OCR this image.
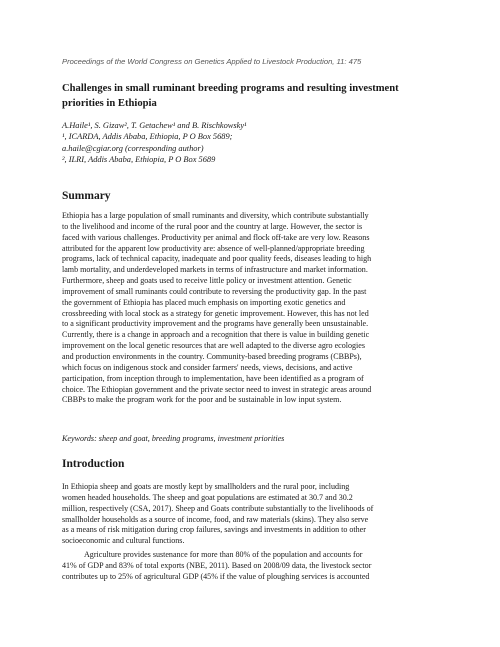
Proceedings of the World Congress on Genetics Applied to Livestock Production, 11: 475
Challenges in small ruminant breeding programs and resulting investment
priorities in Ethiopia
A.Haile¹, S. Gizaw², T. Getachew¹ and B. Rischkowsky¹
¹, ICARDA, Addis Ababa, Ethiopia, P O Box 5689;
a.haile@cgiar.org (corresponding author)
², ILRI, Addis Ababa, Ethiopia, P O Box 5689
Summary
Ethiopia has a large population of small ruminants and diversity, which contribute substantially
to the livelihood and income of the rural poor and the country at large. However, the sector is
faced with various challenges. Productivity per animal and flock off-take are very low. Reasons
attributed for the apparent low productivity are: absence of well-planned/appropriate breeding
programs, lack of technical capacity, inadequate and poor quality feeds, diseases leading to high
lamb mortality, and underdeveloped markets in terms of infrastructure and market information.
Furthermore, sheep and goats used to receive little policy or investment attention. Genetic
improvement of small ruminants could contribute to reversing the productivity gap. In the past
the government of Ethiopia has placed much emphasis on importing exotic genetics and
crossbreeding with local stock as a strategy for genetic improvement. However, this has not led
to a significant productivity improvement and the programs have generally been unsustainable.
Currently, there is a change in approach and a recognition that there is value in building genetic
improvement on the local genetic resources that are well adapted to the diverse agro ecologies
and production environments in the country. Community-based breeding programs (CBBPs),
which focus on indigenous stock and consider farmers' needs, views, decisions, and active
participation, from inception through to implementation, have been identified as a program of
choice. The Ethiopian government and the private sector need to invest in strategic areas around
CBBPs to make the program work for the poor and be sustainable in low input system.
Keywords: sheep and goat, breeding programs, investment priorities
Introduction
In Ethiopia sheep and goats are mostly kept by smallholders and the rural poor, including
women headed households. The sheep and goat populations are estimated at 30.7 and 30.2
million, respectively (CSA, 2017). Sheep and Goats contribute substantially to the livelihoods of
smallholder households as a source of income, food, and raw materials (skins). They also serve
as a means of risk mitigation during crop failures, savings and investments in addition to other
socioeconomic and cultural functions.
Agriculture provides sustenance for more than 80% of the population and accounts for
41% of GDP and 83% of total exports (NBE, 2011). Based on 2008/09 data, the livestock sector
contributes up to 25% of agricultural GDP (45% if the value of ploughing services is accounted
